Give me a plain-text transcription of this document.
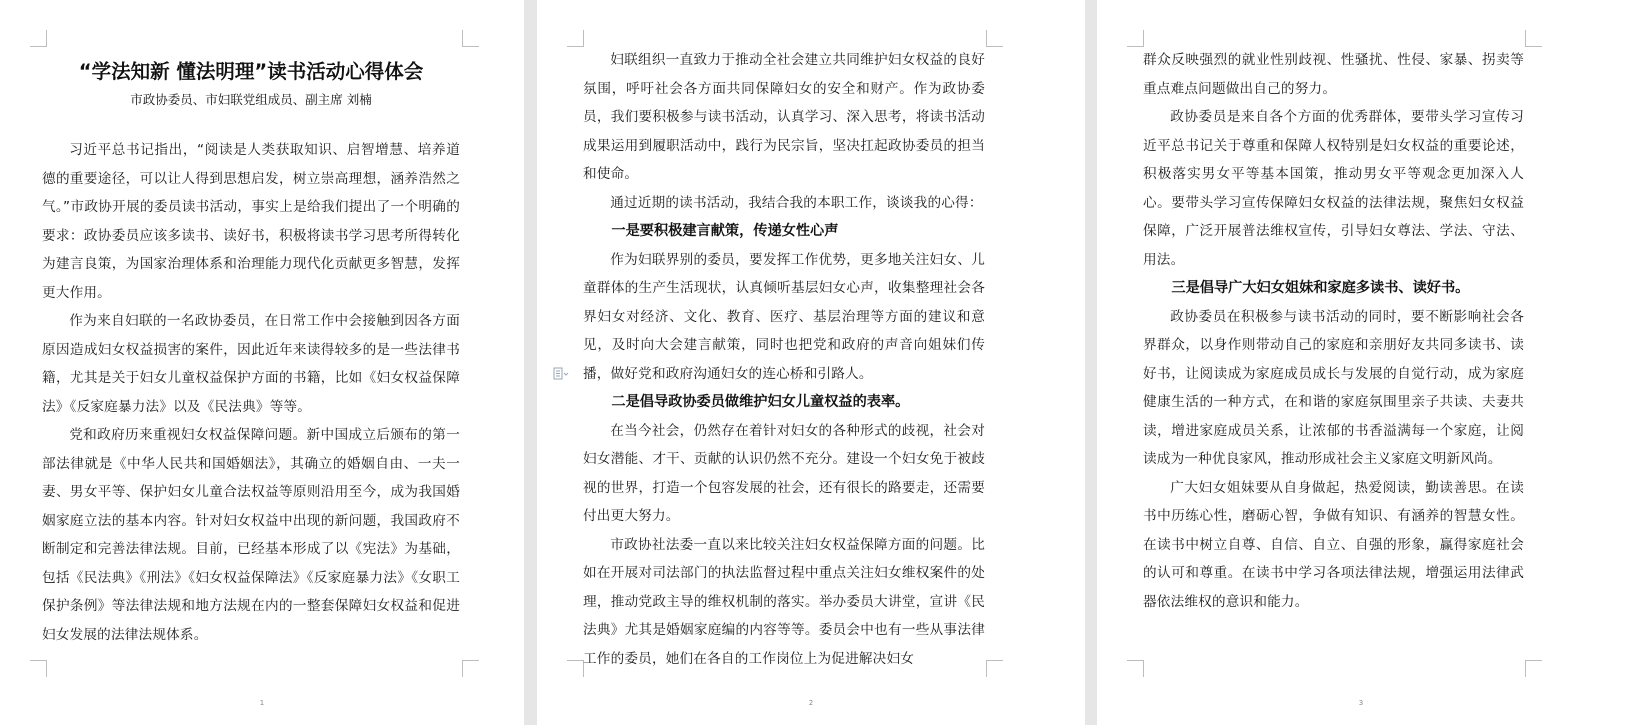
“学法知新 懂法明理”读书活动心得体会
市政协委员、市妇联党组成员、副主席 刘楠

习近平总书记指出，“阅读是人类获取知识、启智增慧、培养道德的重要途径，可以让人得到思想启发，树立崇高理想，涵养浩然之气。”市政协开展的委员读书活动，事实上是给我们提出了一个明确的要求：政协委员应该多读书、读好书，积极将读书学习思考所得转化为建言良策，为国家治理体系和治理能力现代化贡献更多智慧，发挥更大作用。

作为来自妇联的一名政协委员，在日常工作中会接触到因各方面原因造成妇女权益损害的案件，因此近年来读得较多的是一些法律书籍，尤其是关于妇女儿童权益保护方面的书籍，比如《妇女权益保障法》《反家庭暴力法》以及《民法典》等等。

党和政府历来重视妇女权益保障问题。新中国成立后颁布的第一部法律就是《中华人民共和国婚姻法》，其确立的婚姻自由、一夫一妻、男女平等、保护妇女儿童合法权益等原则沿用至今，成为我国婚姻家庭立法的基本内容。针对妇女权益中出现的新问题，我国政府不断制定和完善法律法规。目前，已经基本形成了以《宪法》为基础，包括《民法典》《刑法》《妇女权益保障法》《反家庭暴力法》《女职工保护条例》等法律法规和地方法规在内的一整套保障妇女权益和促进妇女发展的法律法规体系。

1

妇联组织一直致力于推动全社会建立共同维护妇女权益的良好氛围，呼吁社会各方面共同保障妇女的安全和财产。作为政协委员，我们要积极参与读书活动，认真学习、深入思考，将读书活动成果运用到履职活动中，践行为民宗旨，坚决扛起政协委员的担当和使命。

通过近期的读书活动，我结合我的本职工作，谈谈我的心得：

一是要积极建言献策，传递女性心声

作为妇联界别的委员，要发挥工作优势，更多地关注妇女、儿童群体的生产生活现状，认真倾听基层妇女心声，收集整理社会各界妇女对经济、文化、教育、医疗、基层治理等方面的建议和意见，及时向大会建言献策，同时也把党和政府的声音向姐妹们传播，做好党和政府沟通妇女的连心桥和引路人。

二是倡导政协委员做维护妇女儿童权益的表率。

在当今社会，仍然存在着针对妇女的各种形式的歧视，社会对妇女潜能、才干、贡献的认识仍然不充分。建设一个妇女免于被歧视的世界，打造一个包容发展的社会，还有很长的路要走，还需要付出更大努力。

市政协社法委一直以来比较关注妇女权益保障方面的问题。比如在开展对司法部门的执法监督过程中重点关注妇女维权案件的处理，推动党政主导的维权机制的落实。举办委员大讲堂，宣讲《民法典》尤其是婚姻家庭编的内容等等。委员会中也有一些从事法律工作的委员，她们在各自的工作岗位上为促进解决妇女

2

群众反映强烈的就业性别歧视、性骚扰、性侵、家暴、拐卖等重点难点问题做出自己的努力。

政协委员是来自各个方面的优秀群体，要带头学习宣传习近平总书记关于尊重和保障人权特别是妇女权益的重要论述，积极落实男女平等基本国策，推动男女平等观念更加深入人心。要带头学习宣传保障妇女权益的法律法规，聚焦妇女权益保障，广泛开展普法维权宣传，引导妇女尊法、学法、守法、用法。

三是倡导广大妇女姐妹和家庭多读书、读好书。

政协委员在积极参与读书活动的同时，要不断影响社会各界群众，以身作则带动自己的家庭和亲朋好友共同多读书、读好书，让阅读成为家庭成员成长与发展的自觉行动，成为家庭健康生活的一种方式，在和谐的家庭氛围里亲子共读、夫妻共读，增进家庭成员关系，让浓郁的书香溢满每一个家庭，让阅读成为一种优良家风，推动形成社会主义家庭文明新风尚。

广大妇女姐妹要从自身做起，热爱阅读，勤读善思。在读书中历练心性，磨砺心智，争做有知识、有涵养的智慧女性。在读书中树立自尊、自信、自立、自强的形象，赢得家庭社会的认可和尊重。在读书中学习各项法律法规，增强运用法律武器依法维权的意识和能力。

3
